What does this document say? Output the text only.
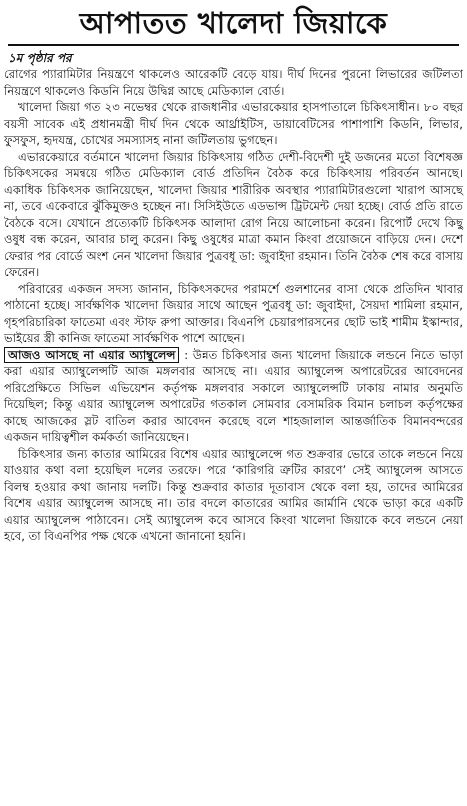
আপাতত খালেদা জিয়াকে
১ম পৃষ্ঠার পর

রোগের প্যারামিটার নিয়ন্ত্রণে থাকলেও আরেকটি বেড়ে যায়। দীর্ঘ দিনের পুরনো লিভারের জটিলতা নিয়ন্ত্রণে থাকলেও কিডনি নিয়ে উদ্বিগ্ন আছে মেডিক্যাল বোর্ড।

খালেদা জিয়া গত ২৩ নভেম্বর থেকে রাজধানীর এভারকেয়ার হাসপাতালে চিকিৎসাধীন। ৮০ বছর বয়সী সাবেক এই প্রধানমন্ত্রী দীর্ঘ দিন থেকে আর্থ্রাইটিস, ডায়াবেটিসের পাশাপাশি কিডনি, লিভার, ফুসফুস, হৃদযন্ত্র, চোখের সমস্যাসহ নানা জটিলতায় ভুগছেন।

এভারকেয়ারে বর্তমানে খালেদা জিয়ার চিকিৎসায় গঠিত দেশী-বিদেশী দুই ডজনের মতো বিশেষজ্ঞ চিকিৎসকের সমন্বয়ে গঠিত মেডিক্যাল বোর্ড প্রতিদিন বৈঠক করে চিকিৎসায় পরিবর্তন আনছে। একাধিক চিকিৎসক জানিয়েছেন, খালেদা জিয়ার শারীরিক অবস্থার প্যারামিটারগুলো খারাপ আসছে না, তবে একেবারে ঝুঁকিমুক্তও হচ্ছেন না। সিসিইউতে এডভান্স ট্রিটমেন্ট দেয়া হচ্ছে। বোর্ড প্রতি রাতে বৈঠকে বসে। যেখানে প্রত্যেকটি চিকিৎসক আলাদা রোগ নিয়ে আলোচনা করেন। রিপোর্ট দেখে কিছু ওষুধ বন্ধ করেন, আবার চালু করেন। কিছু ওষুধের মাত্রা কমান কিংবা প্রয়োজনে বাড়িয়ে দেন। দেশে ফেরার পর বোর্ডে অংশ নেন খালেদা জিয়ার পুত্রবধূ ডা: জুবাইদা রহমান। তিনি বৈঠক শেষ করে বাসায় ফেরেন।

পরিবারের একজন সদস্য জানান, চিকিৎসকদের পরামর্শে গুলশানের বাসা থেকে প্রতিদিন খাবার পাঠানো হচ্ছে। সার্বক্ষণিক খালেদা জিয়ার সাথে আছেন পুত্রবধূ ডা: জুবাইদা, সৈয়দা শামিলা রহমান, গৃহপরিচারিকা ফাতেমা এবং স্টাফ রুপা আক্তার। বিএনপি চেয়ারপারসনের ছোট ভাই শামীম ইস্কান্দার, ভাইয়ের স্ত্রী কানিজ ফাতেমা সার্বক্ষণিক পাশে আছেন।

আজও আসছে না এয়ার অ্যাম্বুলেন্স : উন্নত চিকিৎসার জন্য খালেদা জিয়াকে লন্ডনে নিতে ভাড়া করা এয়ার অ্যাম্বুলেন্সটি আজ মঙ্গলবার আসছে না। এয়ার অ্যাম্বুলেন্স অপারেটরের আবেদনের পরিপ্রেক্ষিতে সিভিল এভিয়েশন কর্তৃপক্ষ মঙ্গলবার সকালে অ্যাম্বুলেন্সটি ঢাকায় নামার অনুমতি দিয়েছিল; কিন্তু এয়ার অ্যাম্বুলেন্স অপারেটর গতকাল সোমবার বেসামরিক বিমান চলাচল কর্তৃপক্ষের কাছে আজকের স্লট বাতিল করার আবেদন করেছে বলে শাহজালাল আন্তর্জাতিক বিমানবন্দরের একজন দায়িত্বশীল কর্মকর্তা জানিয়েছেন।

চিকিৎসার জন্য কাতার আমিরের বিশেষ এয়ার অ্যাম্বুলেন্সে গত শুক্রবার ভোরে তাকে লন্ডনে নিয়ে যাওয়ার কথা বলা হয়েছিল দলের তরফে। পরে ‘কারিগরি ত্রুটির কারণে’ সেই অ্যাম্বুলেন্স আসতে বিলম্ব হওয়ার কথা জানায় দলটি। কিন্তু শুক্রবার কাতার দূতাবাস থেকে বলা হয়, তাদের আমিরের বিশেষ এয়ার অ্যাম্বুলেন্স আসছে না। তার বদলে কাতারের আমির জার্মানি থেকে ভাড়া করে একটি এয়ার অ্যাম্বুলেন্স পাঠাবেন। সেই অ্যাম্বুলেন্স কবে আসবে কিংবা খালেদা জিয়াকে কবে লন্ডনে নেয়া হবে, তা বিএনপির পক্ষ থেকে এখনো জানানো হয়নি।
